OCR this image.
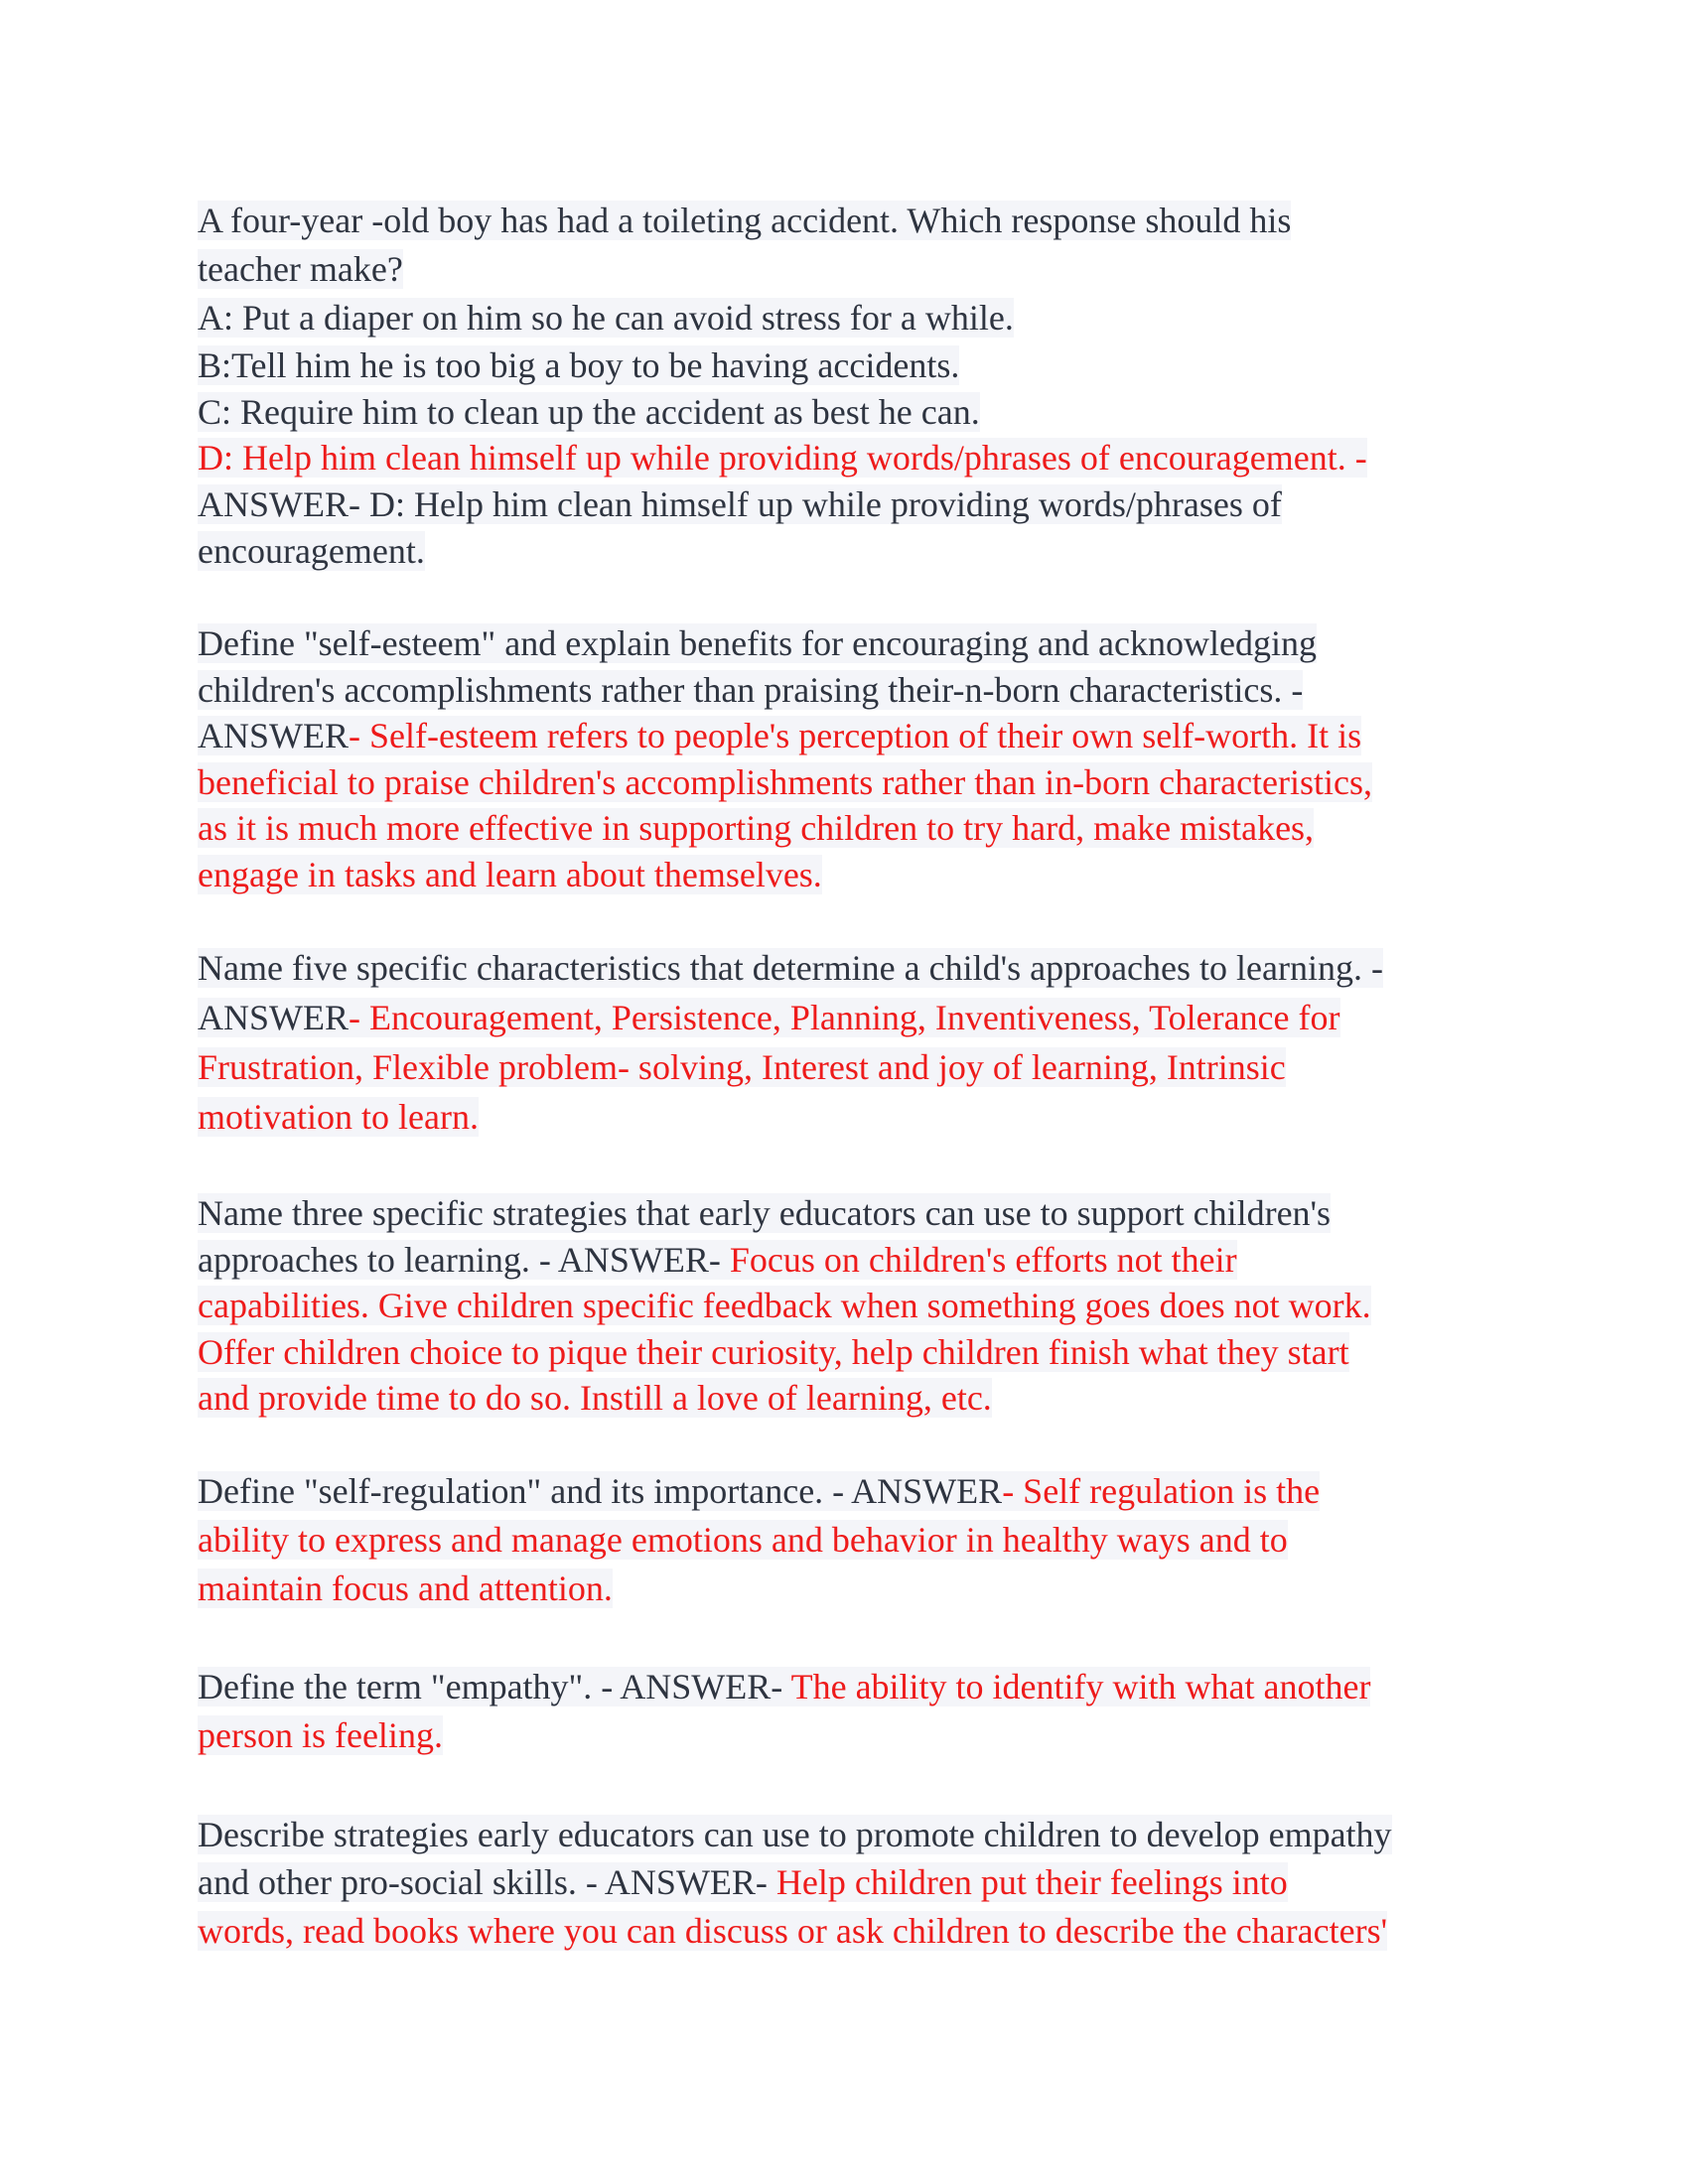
A four-year -old boy has had a toileting accident. Which response should his
teacher make?
A: Put a diaper on him so he can avoid stress for a while.
B:Tell him he is too big a boy to be having accidents.
C: Require him to clean up the accident as best he can.
D: Help him clean himself up while providing words/phrases of encouragement. -
ANSWER- D: Help him clean himself up while providing words/phrases of
encouragement.
Define "self-esteem" and explain benefits for encouraging and acknowledging
children's accomplishments rather than praising their-n-born characteristics. -
ANSWER- Self-esteem refers to people's perception of their own self-worth. It is
beneficial to praise children's accomplishments rather than in-born characteristics,
as it is much more effective in supporting children to try hard, make mistakes,
engage in tasks and learn about themselves.
Name five specific characteristics that determine a child's approaches to learning. -
ANSWER- Encouragement, Persistence, Planning, Inventiveness, Tolerance for
Frustration, Flexible problem- solving, Interest and joy of learning, Intrinsic
motivation to learn.
Name three specific strategies that early educators can use to support children's
approaches to learning. - ANSWER- Focus on children's efforts not their
capabilities. Give children specific feedback when something goes does not work.
Offer children choice to pique their curiosity, help children finish what they start
and provide time to do so. Instill a love of learning, etc.
Define "self-regulation" and its importance. - ANSWER- Self regulation is the
ability to express and manage emotions and behavior in healthy ways and to
maintain focus and attention.
Define the term "empathy". - ANSWER- The ability to identify with what another
person is feeling.
Describe strategies early educators can use to promote children to develop empathy
and other pro-social skills. - ANSWER- Help children put their feelings into
words, read books where you can discuss or ask children to describe the characters'
